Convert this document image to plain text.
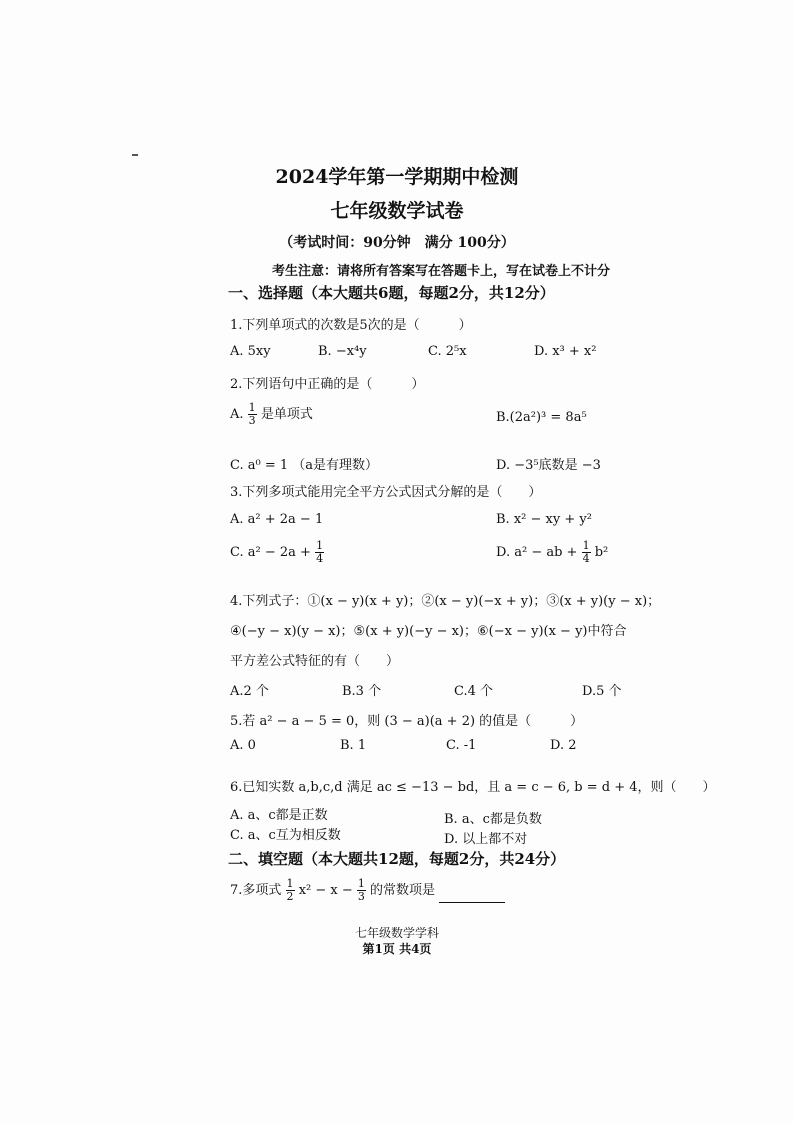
2024学年第一学期期中检测
七年级数学试卷
（考试时间：90分钟　满分 100分）
考生注意：请将所有答案写在答题卡上，写在试卷上不计分
一、选择题（本大题共6题，每题2分，共12分）
1.下列单项式的次数是5次的是（　　　）
A. 5xy	B. −x⁴y	C. 2⁵x	D. x³ + x²
2.下列语句中正确的是（　　　）
A. $\frac{1}{3}$ 是单项式	B.(2a²)³ = 8a⁵
C. a⁰ = 1 （a是有理数）	D. −3⁵底数是 −3
3.下列多项式能用完全平方公式因式分解的是（　　）
A. a² + 2a − 1	B. x² − xy + y²
C. $a^2 - 2a + \frac{1}{4}$	D. a² − ab + $\frac{1}{4} b^2$
4.下列式子：①(x − y)(x + y)；②(x − y)(−x + y)；③(x + y)(y − x)；
④(−y − x)(y − x)；⑤(x + y)(−y − x)；⑥(−x − y)(x − y)中符合
平方差公式特征的有（　　）
A.2 个	B.3 个	C.4 个	D.5 个
5.若 a² − a − 5 = 0，则 (3 − a)(a + 2) 的值是（　　　）
A. 0	B. 1	C. -1	D. 2
6.已知实数 a,b,c,d 满足 ac ≤ −13 − bd，且 a = c − 6, b = d + 4，则（　　）
A. a、c都是正数	B. a、c都是负数
C. a、c互为相反数	D. 以上都不对
二、填空题（本大题共12题，每题2分，共24分）
7.多项式 $\frac{1}{2} x^2 - x - \frac{1}{3}$ 的常数项是
七年级数学学科
第1页 共4页
